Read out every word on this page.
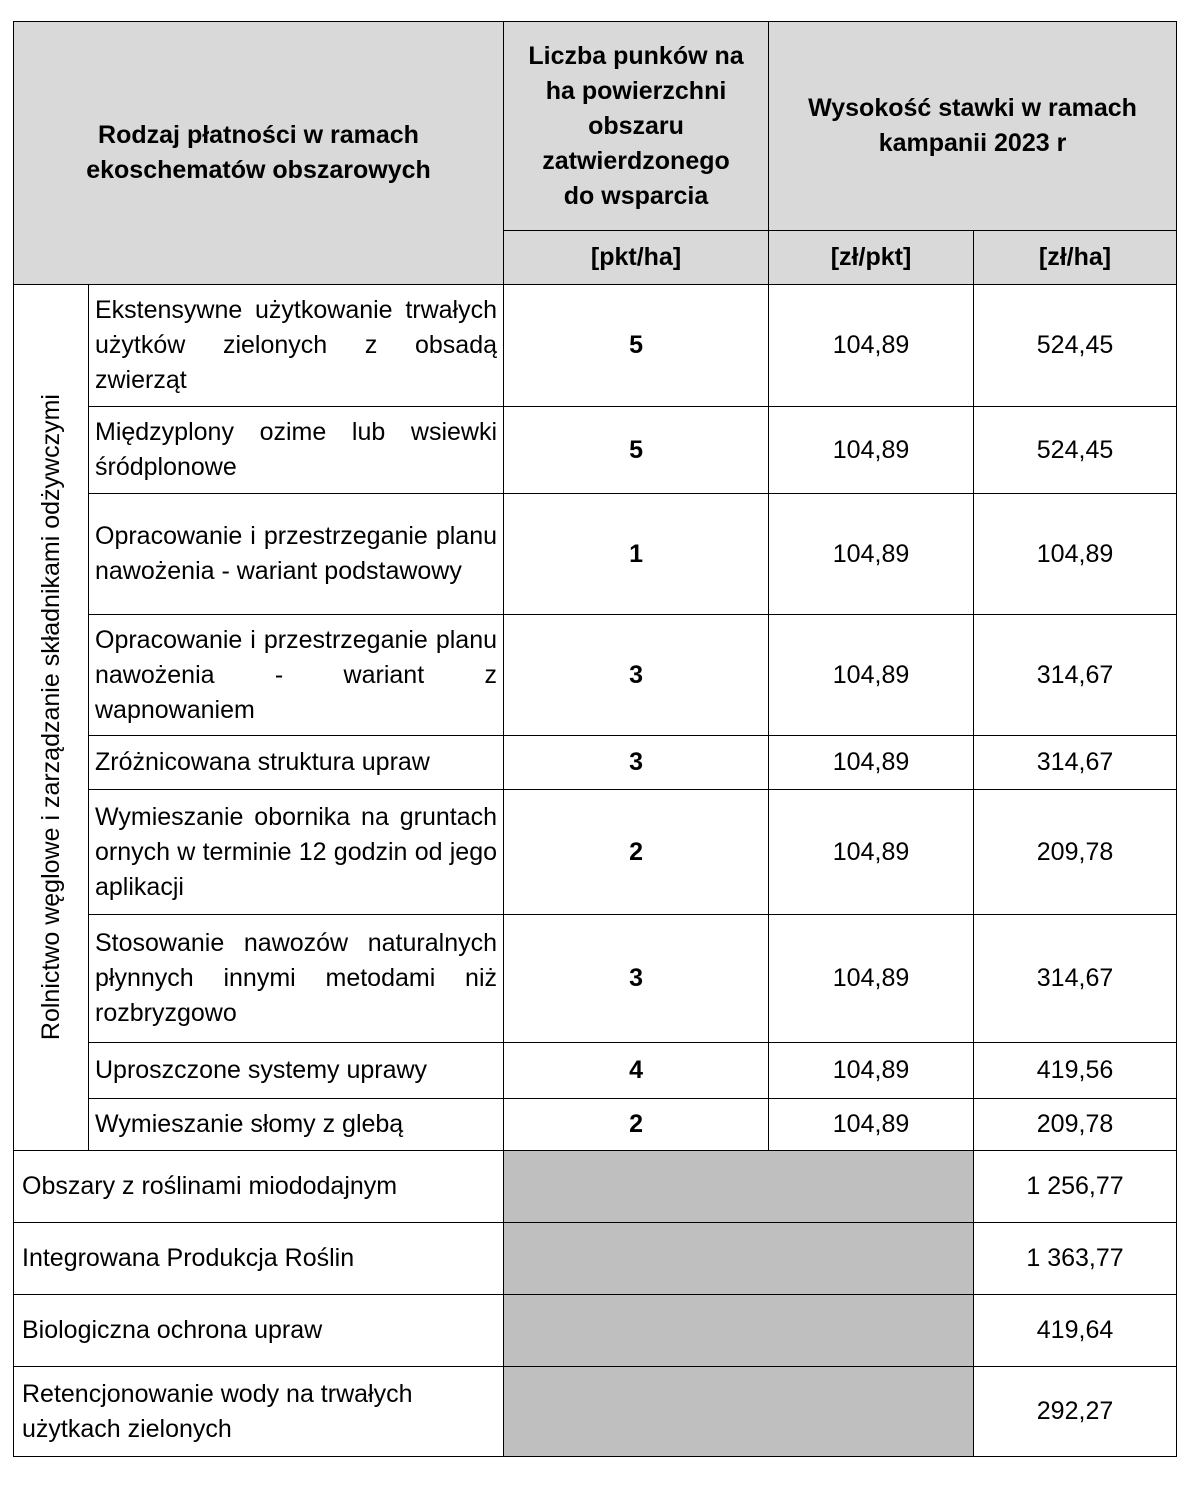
Rodzaj płatności w ramach ekoschematów obszarowych		Liczba punków na ha powierzchni obszaru zatwierdzonego do wsparcia	Wysokość stawki w ramach kampanii 2023 r	
		[pkt/ha]	[zł/pkt]	[zł/ha]

Rolnictwo węglowe i zarządzanie składnikami odżywczymi	Ekstensywne użytkowanie trwałych użytków zielonych z obsadą zwierząt	5	104,89	524,45
	Międzyplony ozime lub wsiewki śródplonowe	5	104,89	524,45
	Opracowanie i przestrzeganie planu nawożenia - wariant podstawowy	1	104,89	104,89
	Opracowanie i przestrzeganie planu nawożenia - wariant z wapnowaniem	3	104,89	314,67
	Zróżnicowana struktura upraw	3	104,89	314,67
	Wymieszanie obornika na gruntach ornych w terminie 12 godzin od jego aplikacji	2	104,89	209,78
	Stosowanie nawozów naturalnych płynnych innymi metodami niż rozbryzgowo	3	104,89	314,67
	Uproszczone systemy uprawy	4	104,89	419,56
	Wymieszanie słomy z glebą	2	104,89	209,78
Obszary z roślinami miododajnym				1 256,77
Integrowana Produkcja Roślin				1 363,77
Biologiczna ochrona upraw				419,64
Retencjonowanie wody na trwałych użytkach zielonych				292,27
